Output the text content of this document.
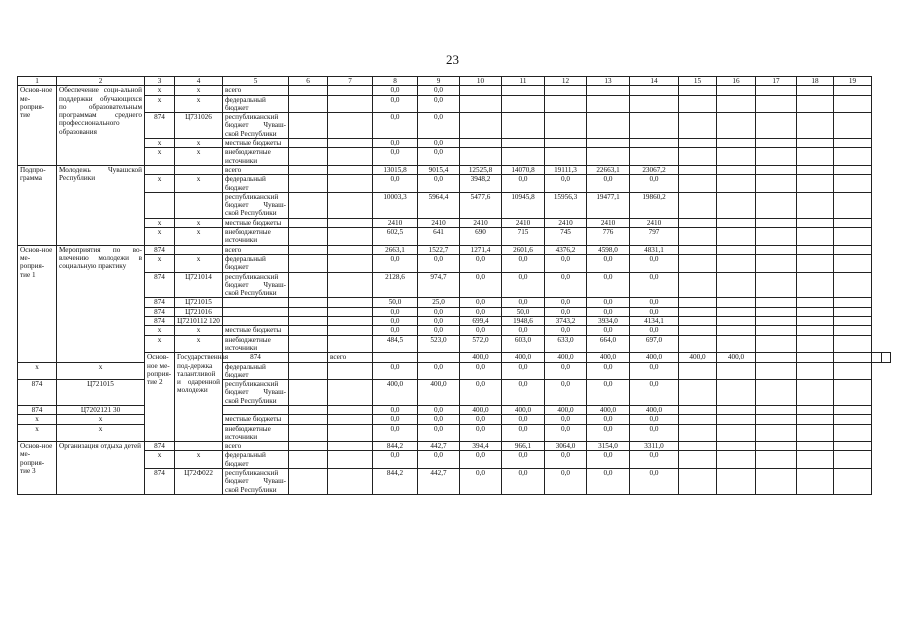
23
1	2	3	4	5	6	7	8	9	10	11	12	13	14	15	16	17	18	19		
Основ-ное ме-роприя-тие	Обеспечение соци-альной поддержки обучающихся по образовательным программам среднего профессионального образования	х	х	всего			0,0	0,0												
		х	х	федеральный бюджет			0,0	0,0												
		874	Ц731026	республиканский бюджет Чуваш-ской Республики			0,0	0,0												
		х	х	местные бюджеты			0,0	0,0												
		х	х	внебюджетные источники			0,0	0,0												
Подпро-грамма	Молодежь Чувашской Республики			всего			13015,8	9015,4	12525,8	14070,8	19111,3	22663,1	23067,2							
		х	х	федеральный бюджет			0,0	0,0	3948,2	0,0	0,0	0,0	0,0							
				республиканский бюджет Чуваш-ской Республики			10003,3	5964,4	5477,6	10945,8	15956,3	19477,1	19860,2							
		х	х	местные бюджеты			2410	2410	2410	2410	2410	2410	2410							
		х	х	внебюджетные источники			602,5	641	690	715	745	776	797							
Основ-ное ме-роприя-тие 1	Мероприятия по во-влечению молодежи в социальную практику	874		всего			2663,1	1522,7	1271,4	2601,6	4376,2	4598,0	4831,1							
		х	х	федеральный бюджет			0,0	0,0	0,0	0,0	0,0	0,0	0,0							
		874	Ц721014	республиканский бюджет Чуваш-ской Республики			2128,6	974,7	0,0	0,0	0,0	0,0	0,0							
		874	Ц721015				50,0	25,0	0,0	0,0	0,0	0,0	0,0							
		874	Ц721016				0,0	0,0	0,0	50,0	0,0	0,0	0,0							
		874	Ц7210112 120				0,0	0,0	699,4	1948,6	3743,2	3934,0	4134,1							
		х	х	местные бюджеты			0,0	0,0	0,0	0,0	0,0	0,0	0,0							
		х	х	внебюджетные источники			484,5	523,0	572,0	603,0	633,0	664,0	697,0							
		Основ-ное ме-роприя-тие 2	Государственная под-держка талантливой и одаренной молодежи	874		всего			400,0	400,0	400,0	400,0	400,0	400,0	400,0					
х	х			федеральный бюджет			0,0	0,0	0,0	0,0	0,0	0,0	0,0							
874	Ц721015			республиканский бюджет Чуваш-ской Республики			400,0	400,0	0,0	0,0	0,0	0,0	0,0							
874	Ц7202121 30						0,0	0,0	400,0	400,0	400,0	400,0	400,0							
х	х			местные бюджеты			0,0	0,0	0,0	0,0	0,0	0,0	0,0							
х	х			внебюджетные источники			0,0	0,0	0,0	0,0	0,0	0,0	0,0							
Основ-ное ме-роприя-тие 3	Организация отдыха детей	874		всего			844,2	442,7	394,4	966,1	3064,0	3154,0	3311,0							
		х	х	федеральный бюджет			0,0	0,0	0,0	0,0	0,0	0,0	0,0							
		874	Ц72Ф022	республиканский бюджет Чуваш-ской Республики			844,2	442,7	0,0	0,0	0,0	0,0	0,0							
